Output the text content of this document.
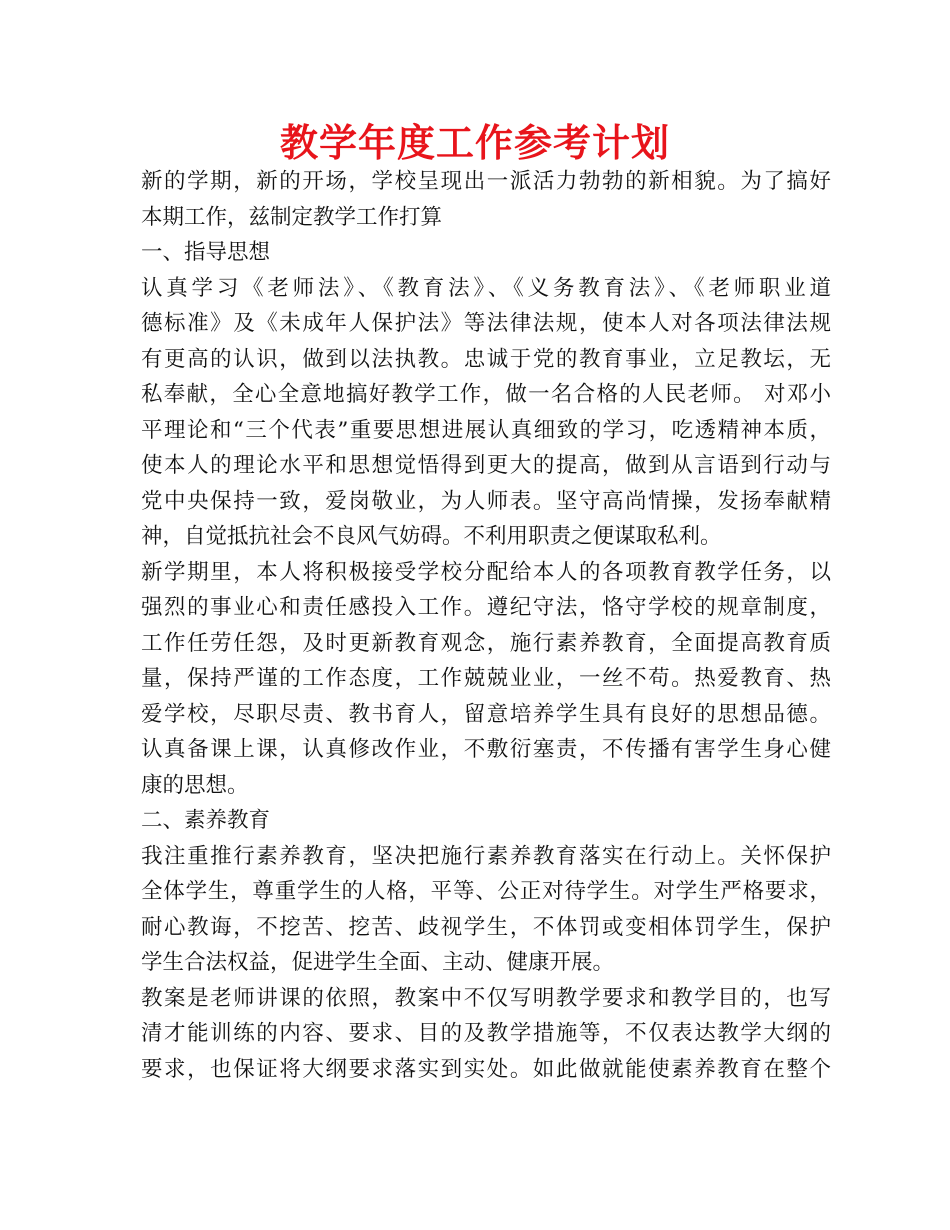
教学年度工作参考计划
新的学期，新的开场，学校呈现出一派活力勃勃的新相貌。为了搞好
本期工作，兹制定教学工作打算
一、指导思想
认真学习《老师法》、《教育法》、《义务教育法》、《老师职业道
德标准》及《未成年人保护法》等法律法规，使本人对各项法律法规
有更高的认识，做到以法执教。忠诚于党的教育事业，立足教坛，无
私奉献，全心全意地搞好教学工作，做一名合格的人民老师。 对邓小
平理论和“三个代表”重要思想进展认真细致的学习，吃透精神本质，
使本人的理论水平和思想觉悟得到更大的提高，做到从言语到行动与
党中央保持一致，爱岗敬业，为人师表。坚守高尚情操，发扬奉献精
神，自觉抵抗社会不良风气妨碍。不利用职责之便谋取私利。
新学期里，本人将积极接受学校分配给本人的各项教育教学任务，以
强烈的事业心和责任感投入工作。遵纪守法，恪守学校的规章制度，
工作任劳任怨，及时更新教育观念，施行素养教育，全面提高教育质
量，保持严谨的工作态度，工作兢兢业业，一丝不苟。热爱教育、热
爱学校，尽职尽责、教书育人，留意培养学生具有良好的思想品德。
认真备课上课，认真修改作业，不敷衍塞责，不传播有害学生身心健
康的思想。
二、素养教育
我注重推行素养教育，坚决把施行素养教育落实在行动上。关怀保护
全体学生，尊重学生的人格，平等、公正对待学生。对学生严格要求，
耐心教诲，不挖苦、挖苦、歧视学生，不体罚或变相体罚学生，保护
学生合法权益，促进学生全面、主动、健康开展。
教案是老师讲课的依照，教案中不仅写明教学要求和教学目的，也写
清才能训练的内容、要求、目的及教学措施等，不仅表达教学大纲的
要求，也保证将大纲要求落实到实处。如此做就能使素养教育在整个
